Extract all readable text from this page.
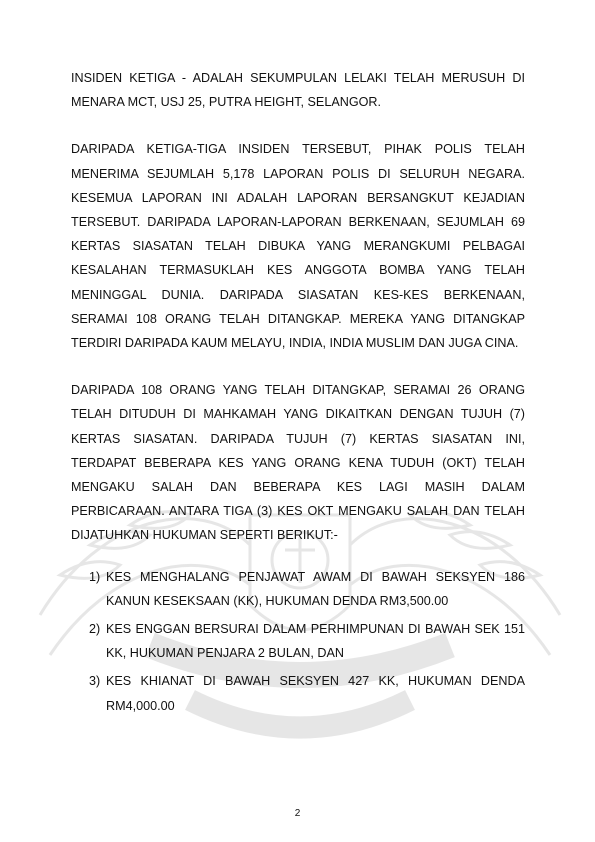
INSIDEN KETIGA - ADALAH SEKUMPULAN LELAKI TELAH MERUSUH DI MENARA MCT, USJ 25, PUTRA HEIGHT, SELANGOR.

DARIPADA KETIGA-TIGA INSIDEN TERSEBUT, PIHAK POLIS TELAH MENERIMA SEJUMLAH 5,178 LAPORAN POLIS DI SELURUH NEGARA. KESEMUA LAPORAN INI ADALAH LAPORAN BERSANGKUT KEJADIAN TERSEBUT. DARIPADA LAPORAN-LAPORAN BERKENAAN, SEJUMLAH 69 KERTAS SIASATAN TELAH DIBUKA YANG MERANGKUMI PELBAGAI KESALAHAN TERMASUKLAH KES ANGGOTA BOMBA YANG TELAH MENINGGAL DUNIA. DARIPADA SIASATAN KES-KES BERKENAAN, SERAMAI 108 ORANG TELAH DITANGKAP. MEREKA YANG DITANGKAP TERDIRI DARIPADA KAUM MELAYU, INDIA, INDIA MUSLIM DAN JUGA CINA.

DARIPADA 108 ORANG YANG TELAH DITANGKAP, SERAMAI 26 ORANG TELAH DITUDUH DI MAHKAMAH YANG DIKAITKAN DENGAN TUJUH (7) KERTAS SIASATAN. DARIPADA TUJUH (7) KERTAS SIASATAN INI, TERDAPAT BEBERAPA KES YANG ORANG KENA TUDUH (OKT) TELAH MENGAKU SALAH DAN BEBERAPA KES LAGI MASIH DALAM PERBICARAAN. ANTARA TIGA (3) KES OKT MENGAKU SALAH DAN TELAH DIJATUHKAN HUKUMAN SEPERTI BERIKUT:-

1) KES MENGHALANG PENJAWAT AWAM DI BAWAH SEKSYEN 186 KANUN KESEKSAAN (KK), HUKUMAN DENDA RM3,500.00
2) KES ENGGAN BERSURAI DALAM PERHIMPUNAN DI BAWAH SEK 151 KK, HUKUMAN PENJARA 2 BULAN, DAN
3) KES KHIANAT DI BAWAH SEKSYEN 427 KK, HUKUMAN DENDA RM4,000.00
2
